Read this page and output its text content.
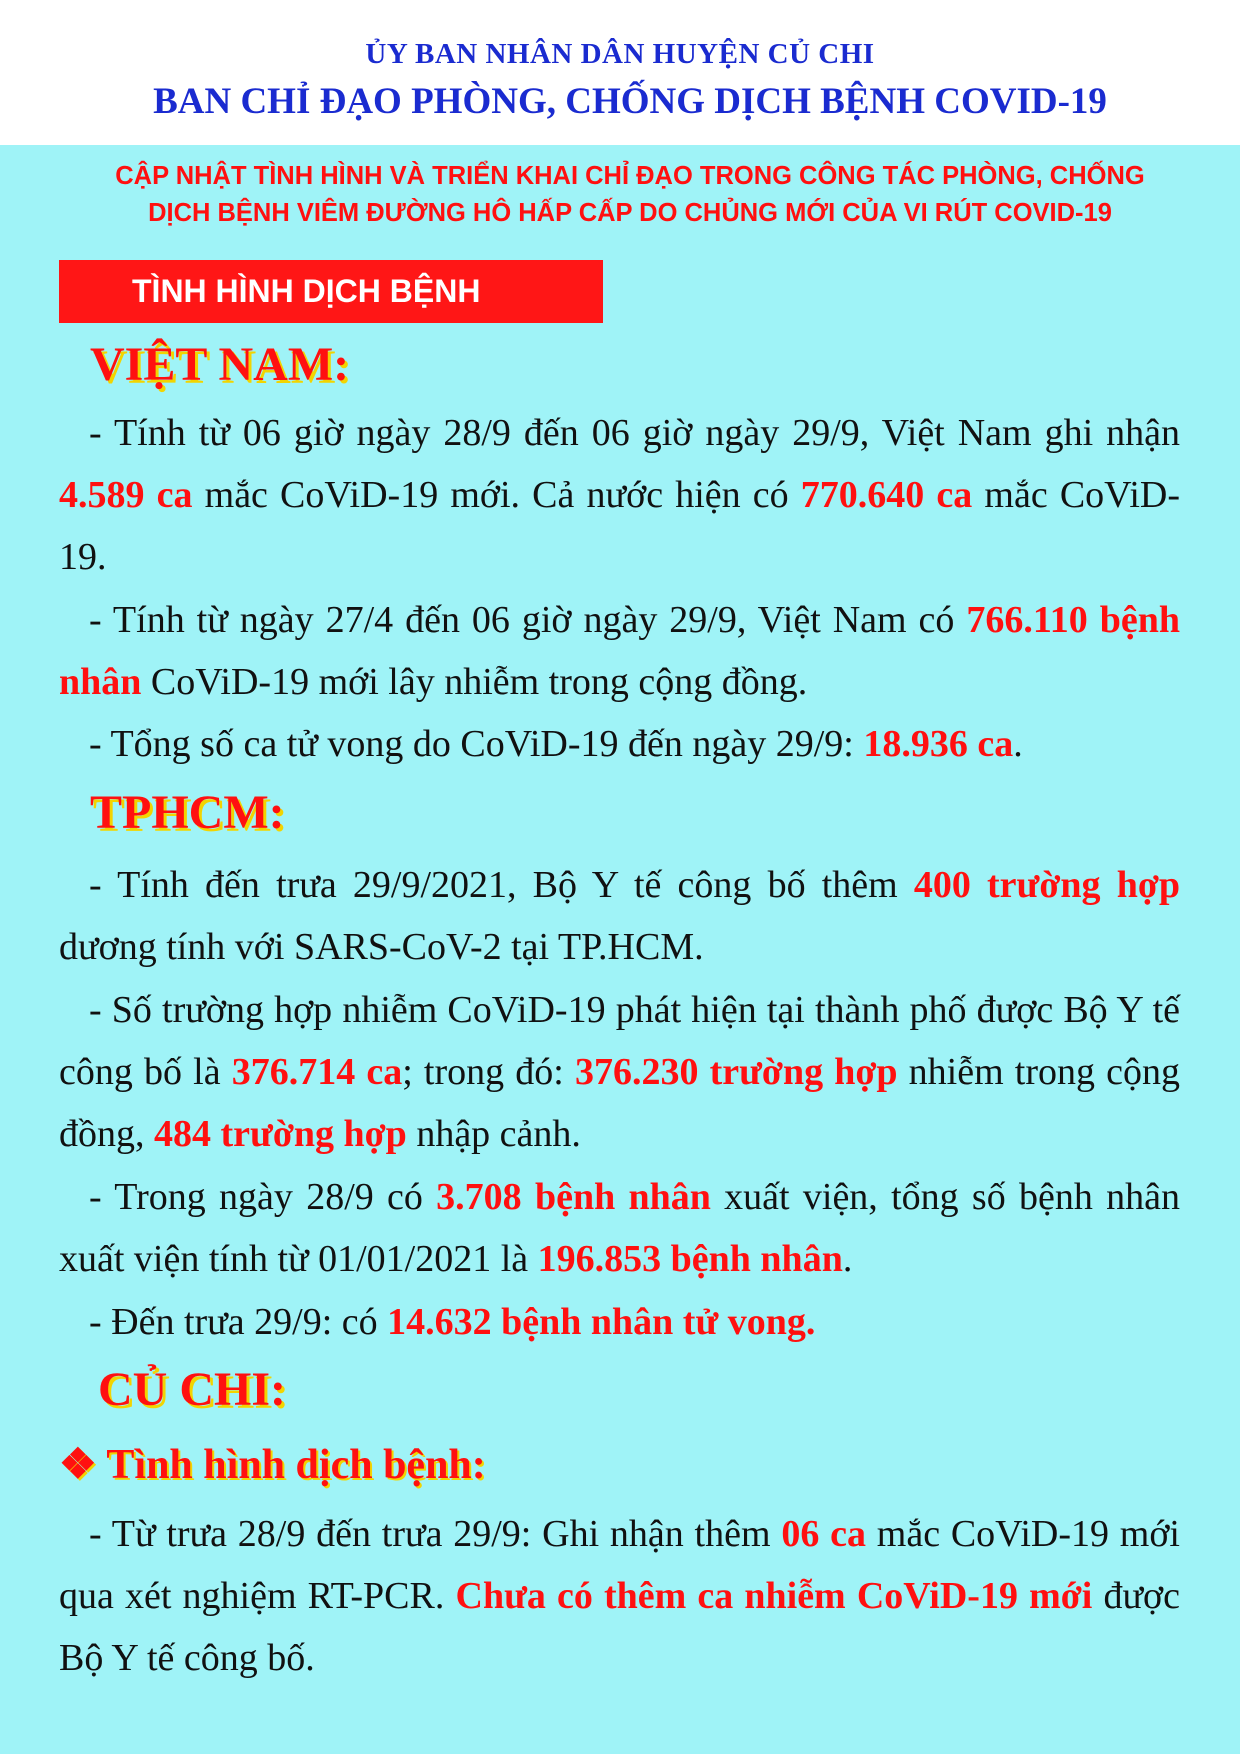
ỦY BAN NHÂN DÂN HUYỆN CỦ CHI
BAN CHỈ ĐẠO PHÒNG, CHỐNG DỊCH BỆNH COVID-19
CẬP NHẬT TÌNH HÌNH VÀ TRIỂN KHAI CHỈ ĐẠO TRONG CÔNG TÁC PHÒNG, CHỐNG
DỊCH BỆNH VIÊM ĐƯỜNG HÔ HẤP CẤP DO CHỦNG MỚI CỦA VI RÚT COVID-19
TÌNH HÌNH DỊCH BỆNH
VIỆT NAM:
- Tính từ 06 giờ ngày 28/9 đến 06 giờ ngày 29/9, Việt Nam ghi nhận 4.589 ca mắc CoViD-19 mới. Cả nước hiện có 770.640 ca mắc CoViD-19.
- Tính từ ngày 27/4 đến 06 giờ ngày 29/9, Việt Nam có 766.110 bệnh nhân CoViD-19 mới lây nhiễm trong cộng đồng.
- Tổng số ca tử vong do CoViD-19 đến ngày 29/9: 18.936 ca.
TPHCM:
- Tính đến trưa 29/9/2021, Bộ Y tế công bố thêm 400 trường hợp dương tính với SARS-CoV-2 tại TP.HCM.
- Số trường hợp nhiễm CoViD-19 phát hiện tại thành phố được Bộ Y tế công bố là 376.714 ca; trong đó: 376.230 trường hợp nhiễm trong cộng đồng, 484 trường hợp nhập cảnh.
- Trong ngày 28/9 có 3.708 bệnh nhân xuất viện, tổng số bệnh nhân xuất viện tính từ 01/01/2021 là 196.853 bệnh nhân.
- Đến trưa 29/9: có 14.632 bệnh nhân tử vong.
CỦ CHI:
❖ Tình hình dịch bệnh:
- Từ trưa 28/9 đến trưa 29/9: Ghi nhận thêm 06 ca mắc CoViD-19 mới qua xét nghiệm RT-PCR. Chưa có thêm ca nhiễm CoViD-19 mới được Bộ Y tế công bố.
